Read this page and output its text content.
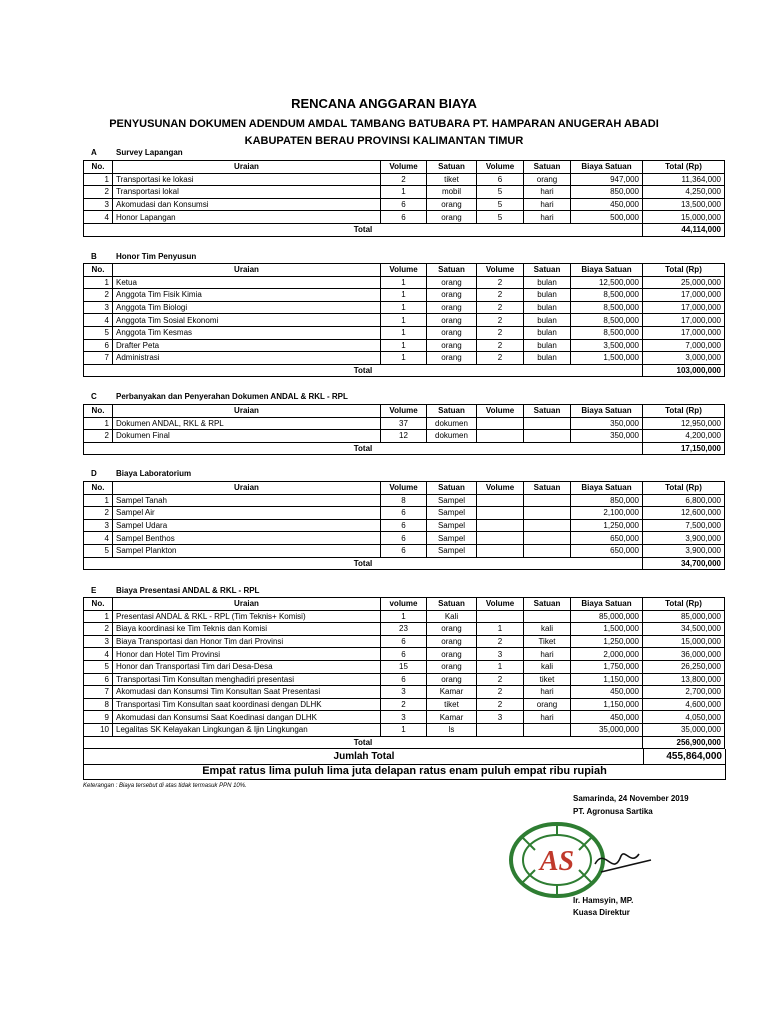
RENCANA ANGGARAN BIAYA
PENYUSUNAN DOKUMEN ADENDUM AMDAL TAMBANG BATUBARA PT. HAMPARAN ANUGERAH ABADI
KABUPATEN BERAU PROVINSI KALIMANTAN TIMUR
A	Survey Lapangan
No.	Uraian	Volume	Satuan	Volume	Satuan	Biaya Satuan	Total (Rp)
1	Transportasi ke lokasi	2	tiket	6	orang	947,000	11,364,000
2	Transportasi lokal	1	mobil	5	hari	850,000	4,250,000
3	Akomudasi dan Konsumsi	6	orang	5	hari	450,000	13,500,000
4	Honor Lapangan	6	orang	5	hari	500,000	15,000,000
Total							44,114,000
B	Honor Tim Penyusun
No.	Uraian	Volume	Satuan	Volume	Satuan	Biaya Satuan	Total (Rp)
1	Ketua	1	orang	2	bulan	12,500,000	25,000,000
2	Anggota Tim Fisik Kimia	1	orang	2	bulan	8,500,000	17,000,000
3	Anggota Tim Biologi	1	orang	2	bulan	8,500,000	17,000,000
4	Anggota Tim Sosial Ekonomi	1	orang	2	bulan	8,500,000	17,000,000
5	Anggota Tim Kesmas	1	orang	2	bulan	8,500,000	17,000,000
6	Drafter Peta	1	orang	2	bulan	3,500,000	7,000,000
7	Administrasi	1	orang	2	bulan	1,500,000	3,000,000
Total							103,000,000
C	Perbanyakan dan Penyerahan Dokumen ANDAL & RKL - RPL
No.	Uraian	Volume	Satuan	Volume	Satuan	Biaya Satuan	Total (Rp)
1	Dokumen ANDAL, RKL & RPL	37	dokumen			350,000	12,950,000
2	Dokumen Final	12	dokumen			350,000	4,200,000
Total							17,150,000
D	Biaya Laboratorium
No.	Uraian	Volume	Satuan	Volume	Satuan	Biaya Satuan	Total (Rp)
1	Sampel Tanah	8	Sampel			850,000	6,800,000
2	Sampel Air	6	Sampel			2,100,000	12,600,000
3	Sampel Udara	6	Sampel			1,250,000	7,500,000
4	Sampel Benthos	6	Sampel			650,000	3,900,000
5	Sampel Plankton	6	Sampel			650,000	3,900,000
Total							34,700,000
E	Biaya Presentasi ANDAL & RKL - RPL
No.	Uraian	volume	Satuan	Volume	Satuan	Biaya Satuan	Total (Rp)
1	Presentasi ANDAL & RKL - RPL (Tim Teknis+ Komisi)	1	Kali			85,000,000	85,000,000
2	Biaya koordinasi ke Tim Teknis dan Komisi	23	orang	1	kali	1,500,000	34,500,000
3	Biaya Transportasi dan Honor Tim dari Provinsi	6	orang	2	Tiket	1,250,000	15,000,000
4	Honor dan Hotel Tim Provinsi	6	orang	3	hari	2,000,000	36,000,000
5	Honor dan Transportasi Tim dari Desa-Desa	15	orang	1	kali	1,750,000	26,250,000
6	Transportasi Tim Konsultan menghadiri presentasi	6	orang	2	tiket	1,150,000	13,800,000
7	Akomudasi dan Konsumsi Tim Konsultan Saat Presentasi	3	Kamar	2	hari	450,000	2,700,000
8	Transportasi Tim Konsultan saat koordinasi dengan DLHK	2	tiket	2	orang	1,150,000	4,600,000
9	Akomudasi dan Konsumsi Saat Koedinasi dangan DLHK	3	Kamar	3	hari	450,000	4,050,000
10	Legalitas SK Kelayakan Lingkungan & Ijin Lingkungan	1	ls			35,000,000	35,000,000
Total							256,900,000
Jumlah Total	455,864,000
Empat ratus lima puluh lima juta delapan ratus enam puluh empat ribu rupiah
Keterangan : Biaya tersebut di atas tidak termasuk PPN 10%.
Samarinda, 24 November 2019
PT. Agronusa Sartika
AS
Ir. Hamsyin, MP.
Kuasa Direktur
